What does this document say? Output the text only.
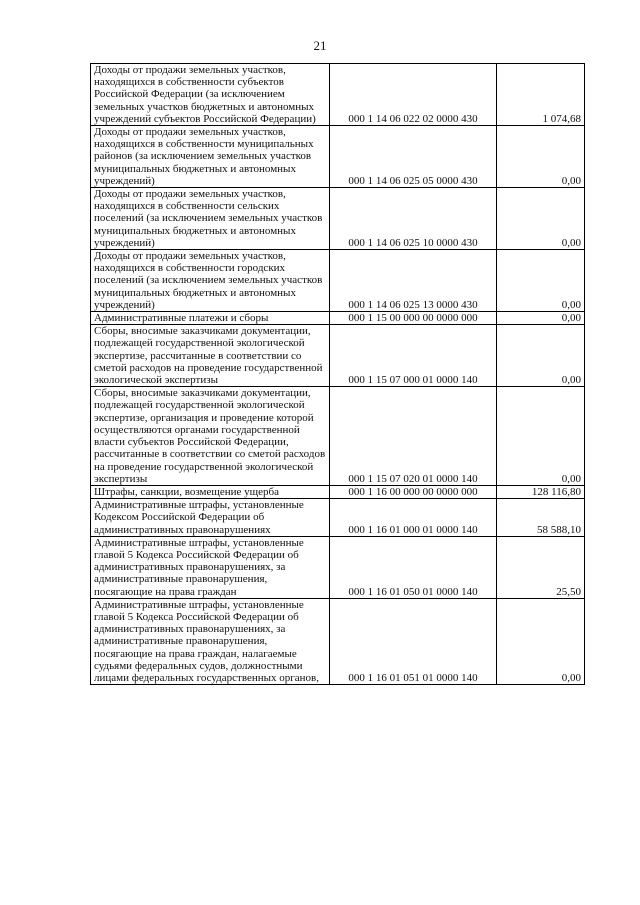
21
Доходы от продажи земельных участков, находящихся в собственности субъектов Российской Федерации (за исключением земельных участков бюджетных и автономных учреждений субъектов Российской Федерации)	000 1 14 06 022 02 0000 430	1 074,68
Доходы от продажи земельных участков, находящихся в собственности муниципальных районов (за исключением земельных участков муниципальных бюджетных и автономных учреждений)	000 1 14 06 025 05 0000 430	0,00
Доходы от продажи земельных участков, находящихся в собственности сельских поселений (за исключением земельных участков муниципальных бюджетных и автономных учреждений)	000 1 14 06 025 10 0000 430	0,00
Доходы от продажи земельных участков, находящихся в собственности городских поселений (за исключением земельных участков муниципальных бюджетных и автономных учреждений)	000 1 14 06 025 13 0000 430	0,00
Административные платежи и сборы	000 1 15 00 000 00 0000 000	0,00
Сборы, вносимые заказчиками документации, подлежащей государственной экологической экспертизе, рассчитанные в соответствии со сметой расходов на проведение государственной экологической экспертизы	000 1 15 07 000 01 0000 140	0,00
Сборы, вносимые заказчиками документации, подлежащей государственной экологической экспертизе, организация и проведение которой осуществляются органами государственной власти субъектов Российской Федерации, рассчитанные в соответствии со сметой расходов на проведение государственной экологической экспертизы	000 1 15 07 020 01 0000 140	0,00
Штрафы, санкции, возмещение ущерба	000 1 16 00 000 00 0000 000	128 116,80
Административные штрафы, установленные Кодексом Российской Федерации об административных правонарушениях	000 1 16 01 000 01 0000 140	58 588,10
Административные штрафы, установленные главой 5 Кодекса Российской Федерации об административных правонарушениях, за административные правонарушения, посягающие на права граждан	000 1 16 01 050 01 0000 140	25,50
Административные штрафы, установленные главой 5 Кодекса Российской Федерации об административных правонарушениях, за административные правонарушения, посягающие на права граждан, налагаемые судьями федеральных судов, должностными лицами федеральных государственных органов,	000 1 16 01 051 01 0000 140	0,00
